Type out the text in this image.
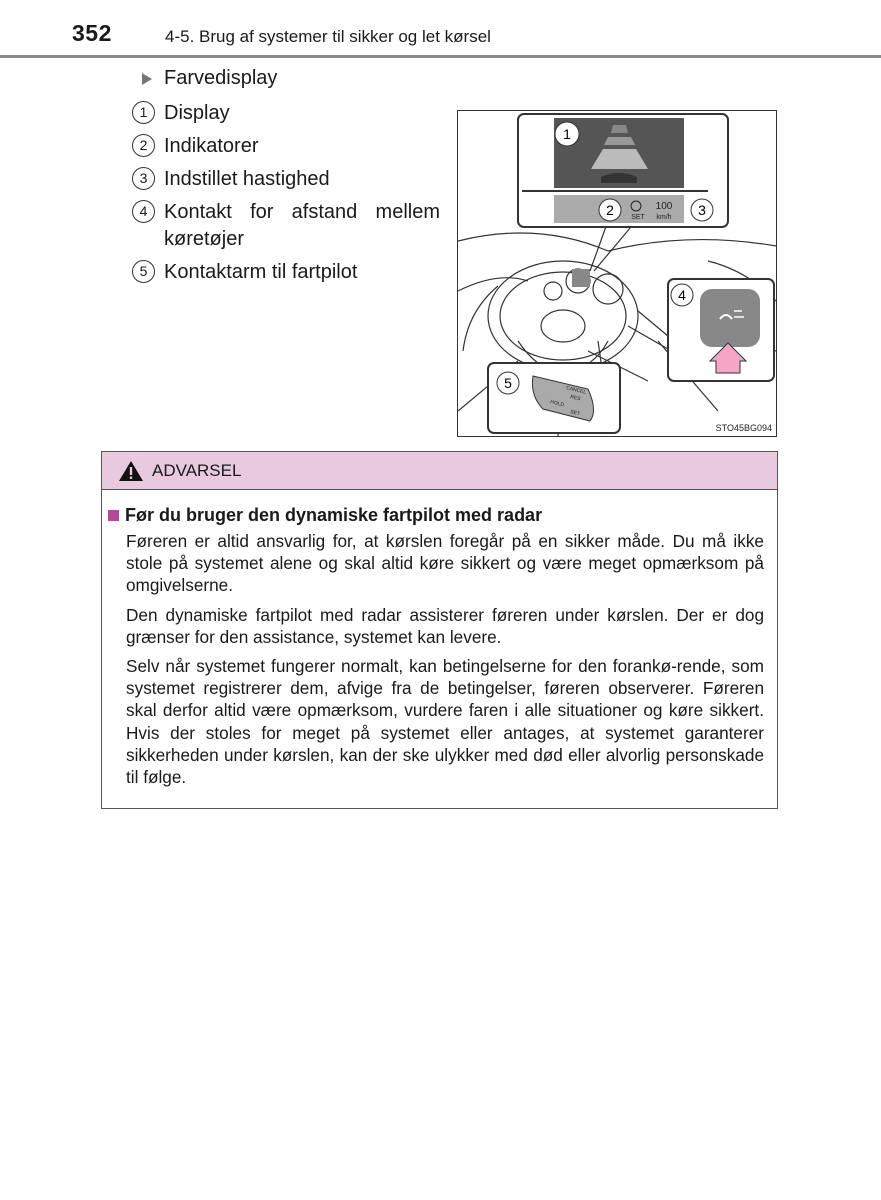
352	4-5. Brug af systemer til sikker og let kørsel
Farvedisplay
1 Display
2 Indikatorer
3 Indstillet hastighed
4 Kontakt for afstand mellem køretøjer
5 Kontaktarm til fartpilot
1
2 SET
100
km/h 3
4
CANCEL
RES
HOLD
SET
5
STO45BG094
ADVARSEL
Før du bruger den dynamiske fartpilot med radar

Føreren er altid ansvarlig for, at kørslen foregår på en sikker måde. Du må ikke stole på systemet alene og skal altid køre sikkert og være meget opmærksom på omgivelserne.

Den dynamiske fartpilot med radar assisterer føreren under kørslen. Der er dog grænser for den assistance, systemet kan levere.

Selv når systemet fungerer normalt, kan betingelserne for den forankø-rende, som systemet registrerer dem, afvige fra de betingelser, føreren observerer. Føreren skal derfor altid være opmærksom, vurdere faren i alle situationer og køre sikkert. Hvis der stoles for meget på systemet eller antages, at systemet garanterer sikkerheden under kørslen, kan der ske ulykker med død eller alvorlig personskade til følge.
